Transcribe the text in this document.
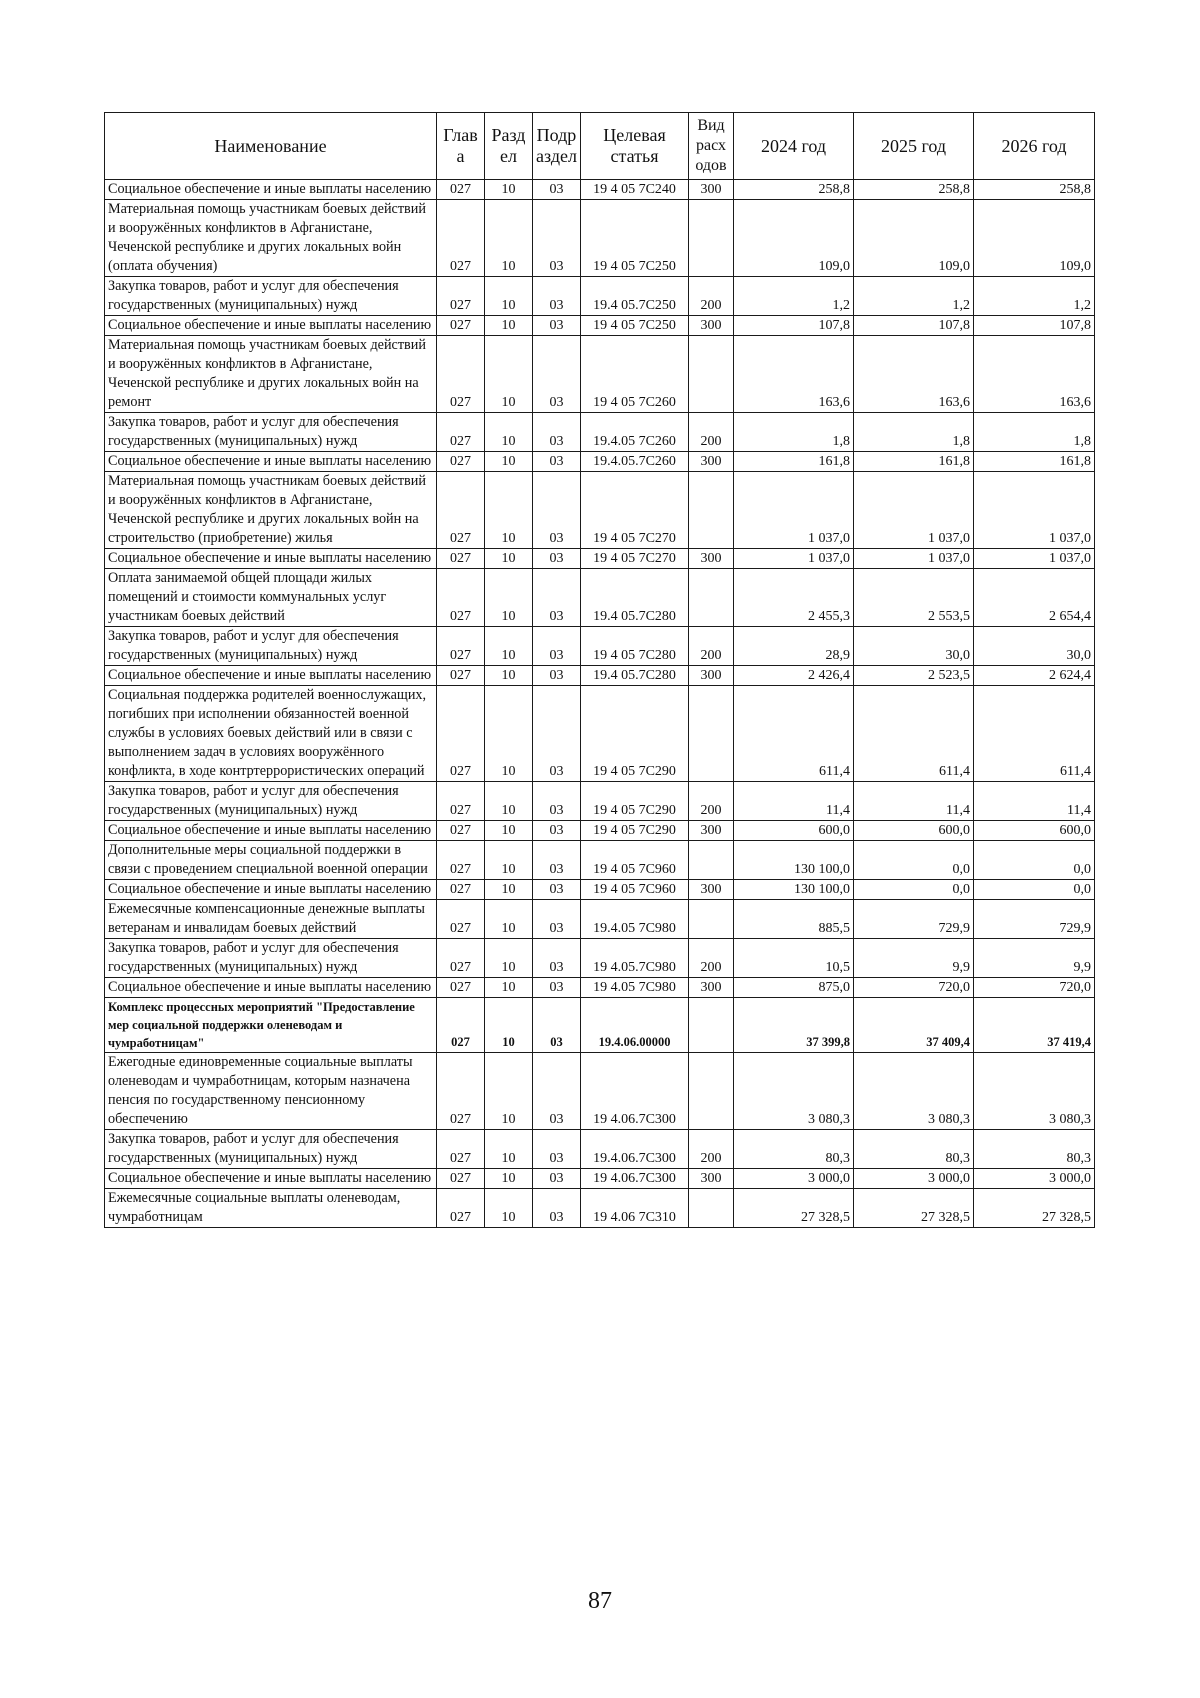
Наименование	Глав а	Разд ел	Подр аздел	Целевая статья	Вид расх одов	2024 год	2025 год	2026 год
Социальное обеспечение и иные выплаты населению	027	10	03	19 4 05 7С240	300	258,8	258,8	258,8
Материальная помощь участникам боевых действий и вооружённых конфликтов в Афганистане, Чеченской республике и других локальных войн (оплата обучения)	027	10	03	19 4 05 7С250		109,0	109,0	109,0
Закупка товаров, работ и услуг для обеспечения государственных (муниципальных) нужд	027	10	03	19.4 05.7С250	200	1,2	1,2	1,2
Социальное обеспечение и иные выплаты населению	027	10	03	19 4 05 7С250	300	107,8	107,8	107,8
Материальная помощь участникам боевых действий и вооружённых конфликтов в Афганистане, Чеченской республике и других локальных войн на ремонт	027	10	03	19 4 05 7С260		163,6	163,6	163,6
Закупка товаров, работ и услуг для обеспечения государственных (муниципальных) нужд	027	10	03	19.4.05 7С260	200	1,8	1,8	1,8
Социальное обеспечение и иные выплаты населению	027	10	03	19.4.05.7С260	300	161,8	161,8	161,8
Материальная помощь участникам боевых действий и вооружённых конфликтов в Афганистане, Чеченской республике и других локальных войн на строительство (приобретение) жилья	027	10	03	19 4 05 7С270		1 037,0	1 037,0	1 037,0
Социальное обеспечение и иные выплаты населению	027	10	03	19 4 05 7С270	300	1 037,0	1 037,0	1 037,0
Оплата занимаемой общей площади жилых помещений и стоимости коммунальных услуг участникам боевых действий	027	10	03	19.4 05.7С280		2 455,3	2 553,5	2 654,4
Закупка товаров, работ и услуг для обеспечения государственных (муниципальных) нужд	027	10	03	19 4 05 7С280	200	28,9	30,0	30,0
Социальное обеспечение и иные выплаты населению	027	10	03	19.4 05.7С280	300	2 426,4	2 523,5	2 624,4
Социальная поддержка родителей военнослужащих, погибших при исполнении обязанностей военной службы в условиях боевых действий или в связи с выполнением задач в условиях вооружённого конфликта, в ходе контртеррористических операций	027	10	03	19 4 05 7С290		611,4	611,4	611,4
Закупка товаров, работ и услуг для обеспечения государственных (муниципальных) нужд	027	10	03	19 4 05 7С290	200	11,4	11,4	11,4
Социальное обеспечение и иные выплаты населению	027	10	03	19 4 05 7С290	300	600,0	600,0	600,0
Дополнительные меры социальной поддержки в связи с проведением специальной военной операции	027	10	03	19 4 05 7С960		130 100,0	0,0	0,0
Социальное обеспечение и иные выплаты населению	027	10	03	19 4 05 7С960	300	130 100,0	0,0	0,0
Ежемесячные компенсационные денежные выплаты ветеранам и инвалидам боевых действий	027	10	03	19.4.05 7С980		885,5	729,9	729,9
Закупка товаров, работ и услуг для обеспечения государственных (муниципальных) нужд	027	10	03	19 4.05.7С980	200	10,5	9,9	9,9
Социальное обеспечение и иные выплаты населению	027	10	03	19 4.05 7С980	300	875,0	720,0	720,0
Комплекс процессных мероприятий "Предоставление мер социальной поддержки оленеводам и чумработницам"	027	10	03	19.4.06.00000		37 399,8	37 409,4	37 419,4
Ежегодные единовременные социальные выплаты оленеводам и чумработницам, которым назначена пенсия по государственному пенсионному обеспечению	027	10	03	19 4.06.7С300		3 080,3	3 080,3	3 080,3
Закупка товаров, работ и услуг для обеспечения государственных (муниципальных) нужд	027	10	03	19.4.06.7С300	200	80,3	80,3	80,3
Социальное обеспечение и иные выплаты населению	027	10	03	19 4.06.7С300	300	3 000,0	3 000,0	3 000,0
Ежемесячные социальные выплаты оленеводам, чумработницам	027	10	03	19 4.06 7С310		27 328,5	27 328,5	27 328,5
87
